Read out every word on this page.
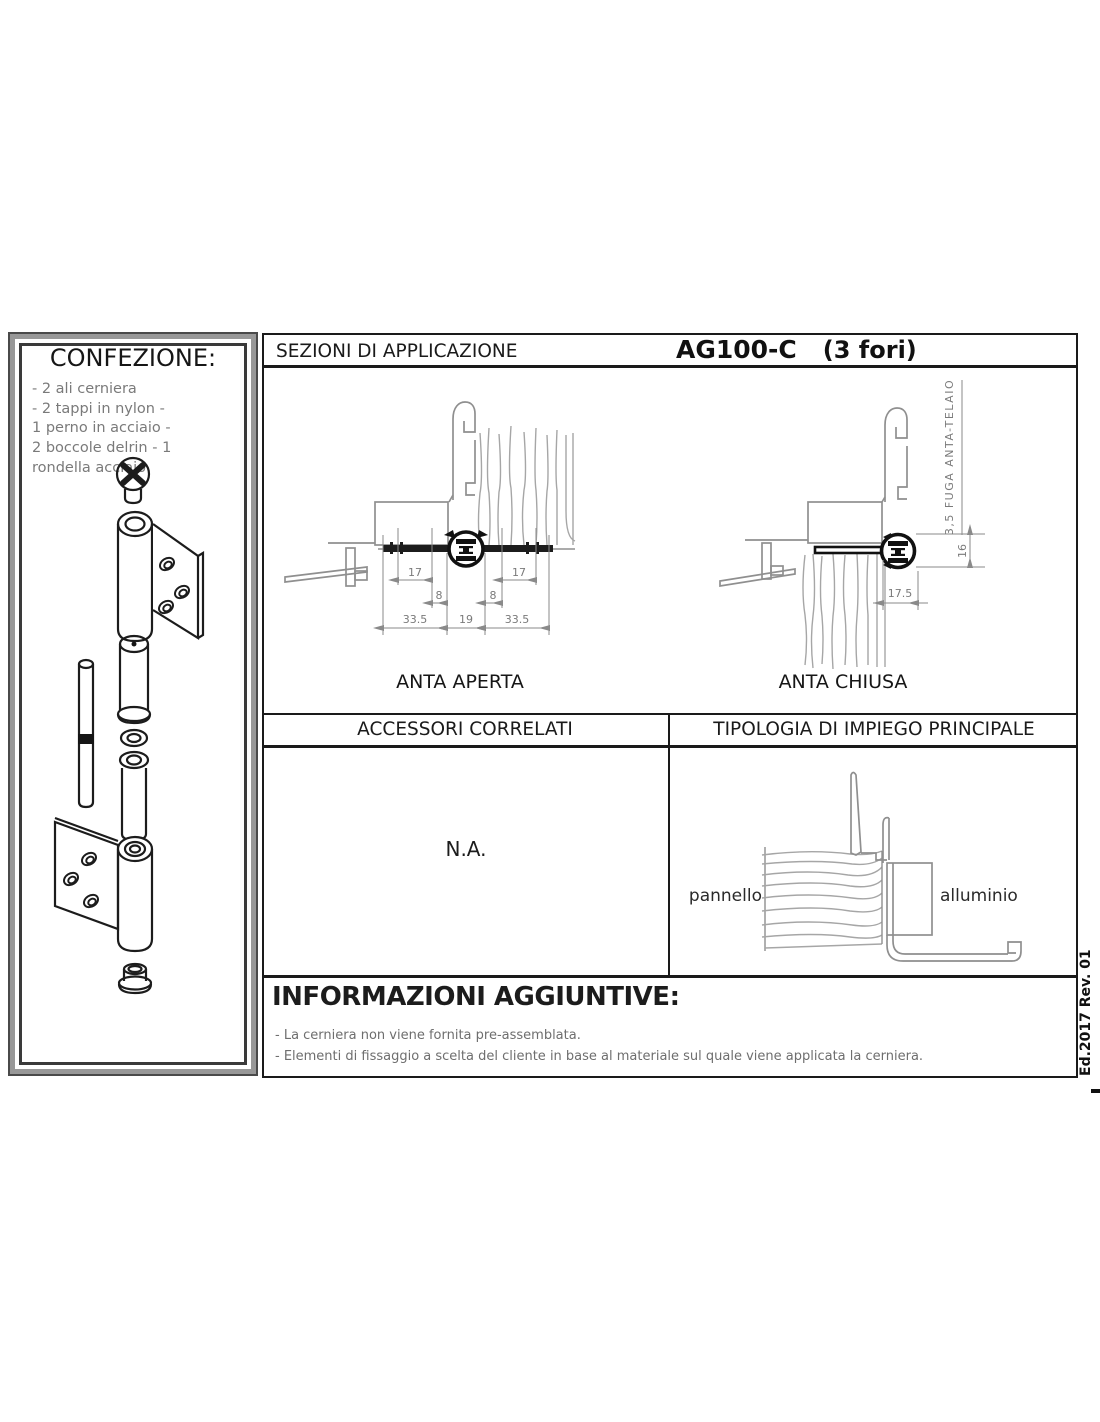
CONFEZIONE:
- 2 ali cerniera
- 2 tappi in nylon -
1 perno in acciaio -
2 boccole delrin - 1
rondella acciaio
SEZIONI DI APPLICAZIONE	AG100-C (3 fori)
17	17
8	8
33.5	19	33.5
ANTA APERTA
3,5 FUGA ANTA-TELAIO
16
17.5
ANTA CHIUSA
ACCESSORI CORRELATI	TIPOLOGIA DI IMPIEGO PRINCIPALE
N.A.
pannello	alluminio
INFORMAZIONI AGGIUNTIVE:
- La cerniera non viene fornita pre-assemblata.
- Elementi di fissaggio a scelta del cliente in base al materiale sul quale viene applicata la cerniera.	Ed.2017 Rev. 01
